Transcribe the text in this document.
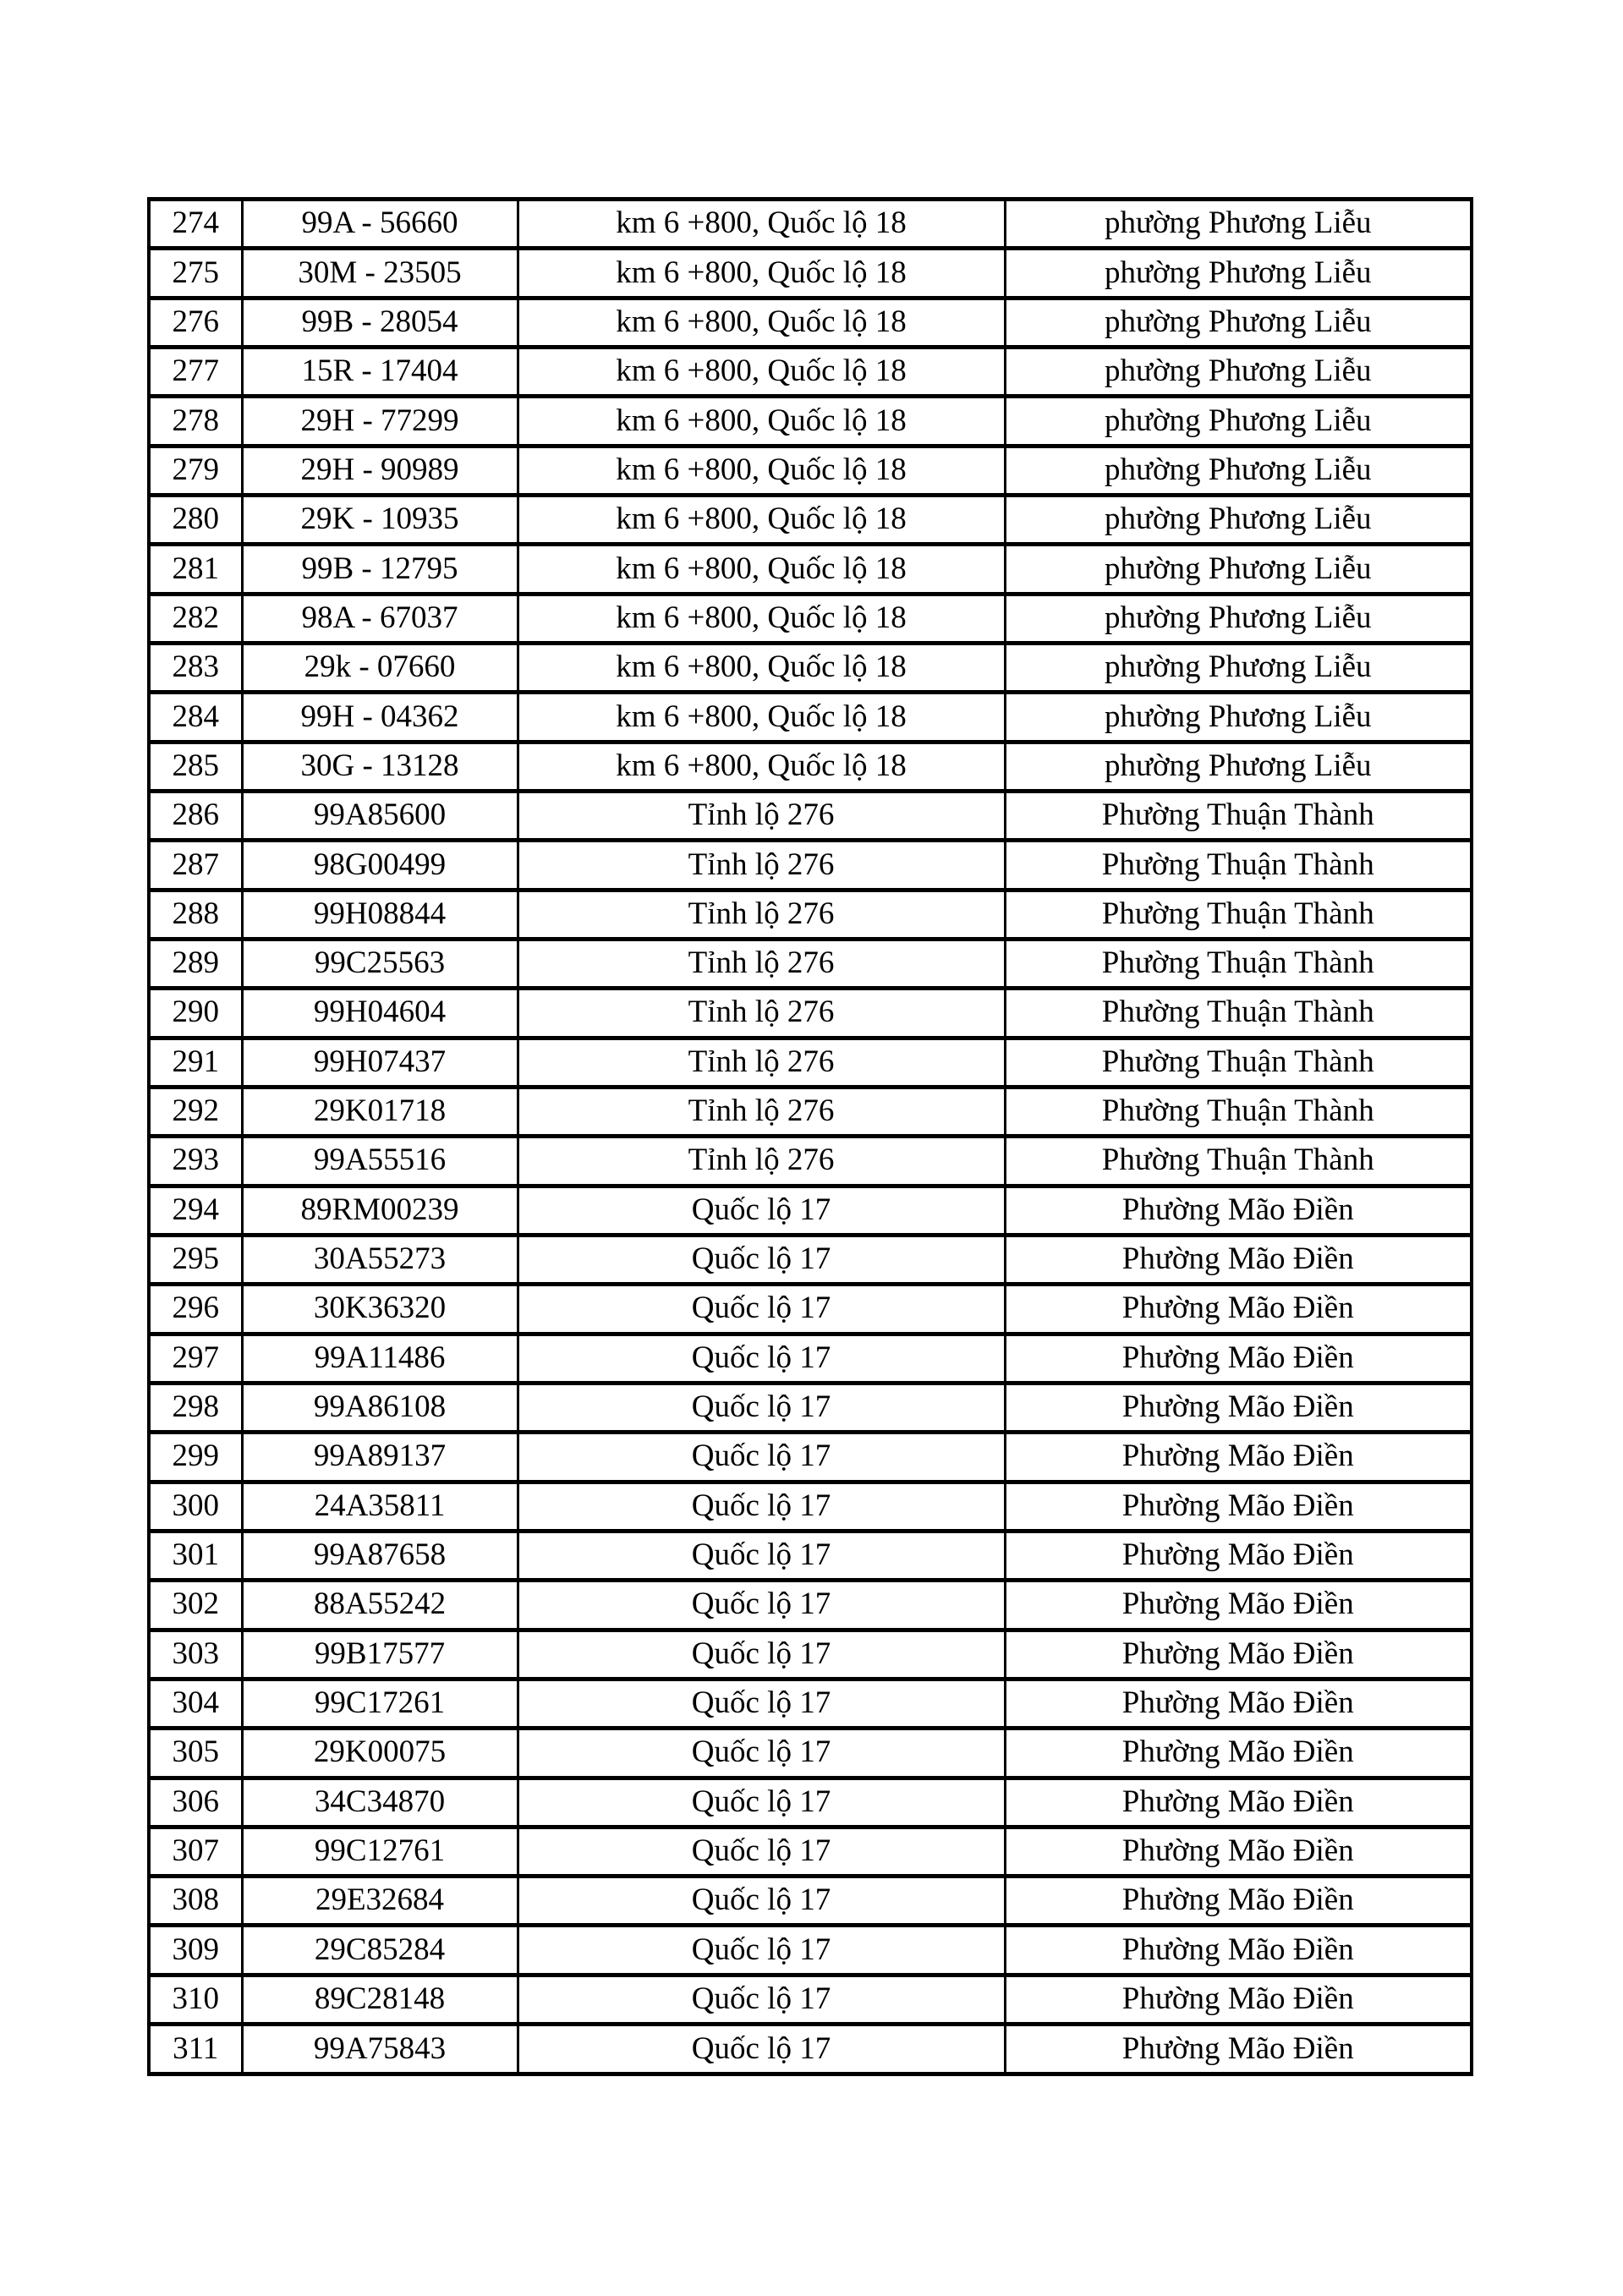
274	99A - 56660	km 6 +800, Quốc lộ 18	phường Phương Liễu
275	30M - 23505	km 6 +800, Quốc lộ 18	phường Phương Liễu
276	99B - 28054	km 6 +800, Quốc lộ 18	phường Phương Liễu
277	15R - 17404	km 6 +800, Quốc lộ 18	phường Phương Liễu
278	29H - 77299	km 6 +800, Quốc lộ 18	phường Phương Liễu
279	29H - 90989	km 6 +800, Quốc lộ 18	phường Phương Liễu
280	29K - 10935	km 6 +800, Quốc lộ 18	phường Phương Liễu
281	99B - 12795	km 6 +800, Quốc lộ 18	phường Phương Liễu
282	98A - 67037	km 6 +800, Quốc lộ 18	phường Phương Liễu
283	29k - 07660	km 6 +800, Quốc lộ 18	phường Phương Liễu
284	99H - 04362	km 6 +800, Quốc lộ 18	phường Phương Liễu
285	30G - 13128	km 6 +800, Quốc lộ 18	phường Phương Liễu
286	99A85600	Tỉnh lộ 276	Phường Thuận Thành
287	98G00499	Tỉnh lộ 276	Phường Thuận Thành
288	99H08844	Tỉnh lộ 276	Phường Thuận Thành
289	99C25563	Tỉnh lộ 276	Phường Thuận Thành
290	99H04604	Tỉnh lộ 276	Phường Thuận Thành
291	99H07437	Tỉnh lộ 276	Phường Thuận Thành
292	29K01718	Tỉnh lộ 276	Phường Thuận Thành
293	99A55516	Tỉnh lộ 276	Phường Thuận Thành
294	89RM00239	Quốc lộ 17	Phường Mão Điền
295	30A55273	Quốc lộ 17	Phường Mão Điền
296	30K36320	Quốc lộ 17	Phường Mão Điền
297	99A11486	Quốc lộ 17	Phường Mão Điền
298	99A86108	Quốc lộ 17	Phường Mão Điền
299	99A89137	Quốc lộ 17	Phường Mão Điền
300	24A35811	Quốc lộ 17	Phường Mão Điền
301	99A87658	Quốc lộ 17	Phường Mão Điền
302	88A55242	Quốc lộ 17	Phường Mão Điền
303	99B17577	Quốc lộ 17	Phường Mão Điền
304	99C17261	Quốc lộ 17	Phường Mão Điền
305	29K00075	Quốc lộ 17	Phường Mão Điền
306	34C34870	Quốc lộ 17	Phường Mão Điền
307	99C12761	Quốc lộ 17	Phường Mão Điền
308	29E32684	Quốc lộ 17	Phường Mão Điền
309	29C85284	Quốc lộ 17	Phường Mão Điền
310	89C28148	Quốc lộ 17	Phường Mão Điền
311	99A75843	Quốc lộ 17	Phường Mão Điền
